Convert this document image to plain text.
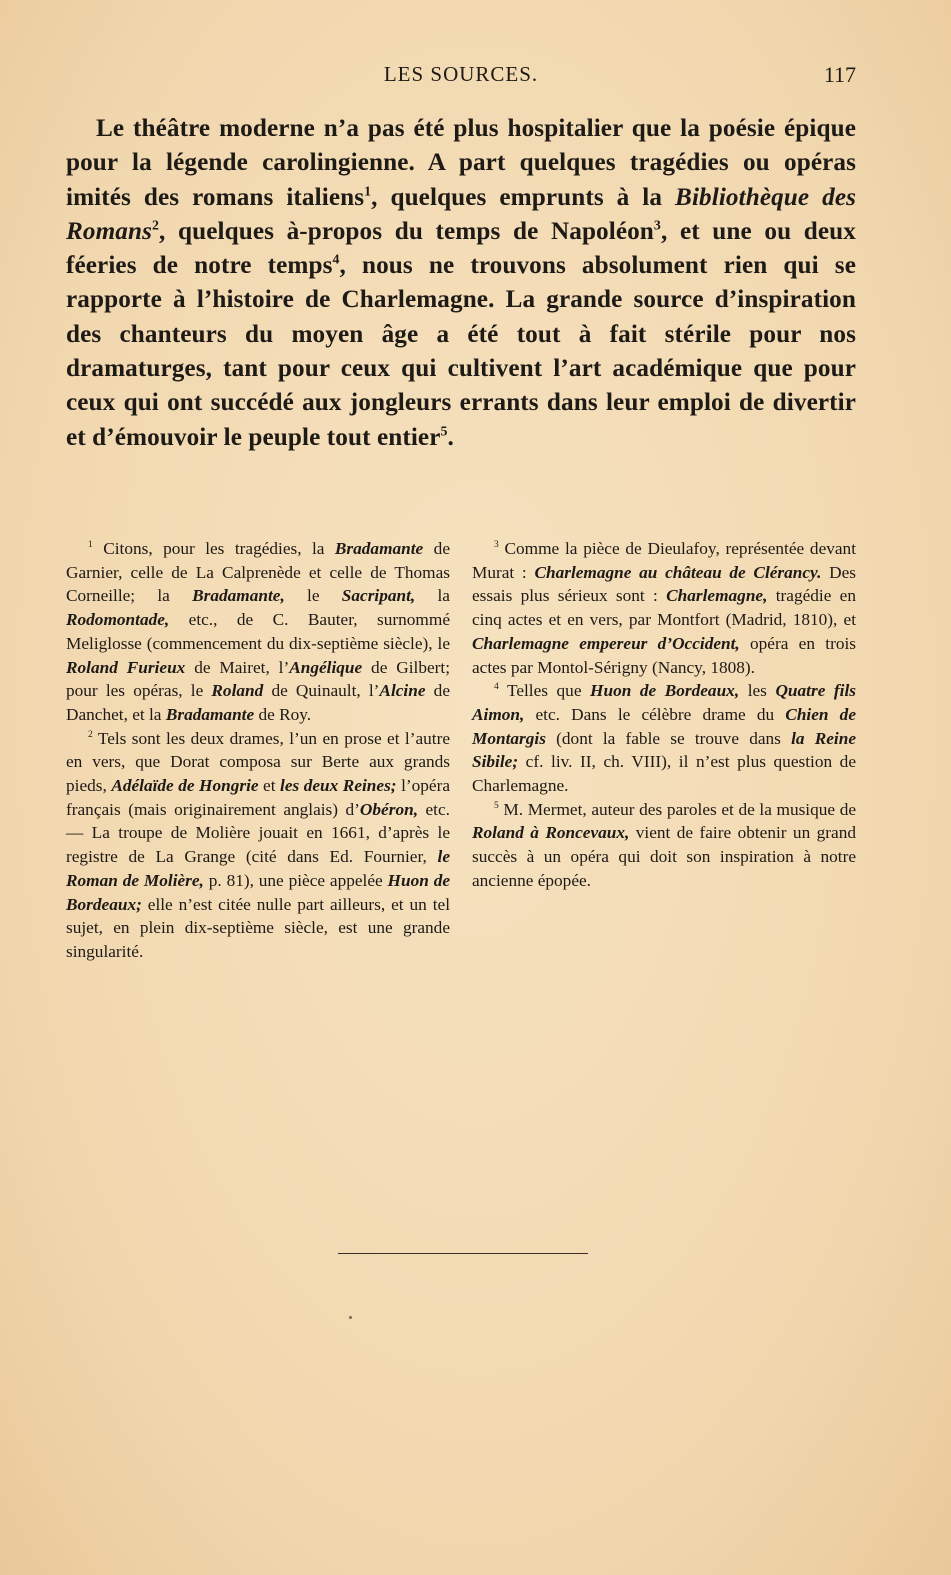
LES SOURCES.	117

Le théâtre moderne n’a pas été plus hospitalier que la poésie épique pour la légende carolingienne. A part quelques tragédies ou opéras imités des romans italiens$^1$, quelques emprunts à la Bibliothèque des Romans$^2$, quelques à-propos du temps de Napoléon$^3$, et une ou deux féeries de notre temps$^4$, nous ne trouvons absolument rien qui se rapporte à l’histoire de Charlemagne. La grande source d’inspiration des chanteurs du moyen âge a été tout à fait stérile pour nos dramaturges, tant pour ceux qui cultivent l’art académique que pour ceux qui ont succédé aux jongleurs errants dans leur emploi de divertir et d’émouvoir le peuple tout entier$^5$.

$^1$ Citons, pour les tragédies, la Bradamante de Garnier, celle de La Calprenède et celle de Thomas Corneille; la Bradamante, le Sacripant, la Rodomontade, etc., de C. Bauter, surnommé Meliglosse (commencement du dix-septième siècle), le Roland Furieux de Mairet, l’Angélique de Gilbert; pour les opéras, le Roland de Quinault, l’Alcine de Danchet, et la Bradamante de Roy.

$^2$ Tels sont les deux drames, l’un en prose et l’autre en vers, que Dorat composa sur Berte aux grands pieds, Adélaïde de Hongrie et les deux Reines; l’opéra français (mais originairement anglais) d’Obéron, etc. — La troupe de Molière jouait en 1661, d’après le registre de La Grange (cité dans Ed. Fournier, le Roman de Molière, p. 81), une pièce appelée Huon de Bordeaux; elle n’est citée nulle part ailleurs, et un tel sujet, en plein dix-septième siècle, est une grande singularité.

$^3$ Comme la pièce de Dieulafoy, représentée devant Murat : Charlemagne au château de Clérancy. Des essais plus sérieux sont : Charlemagne, tragédie en cinq actes et en vers, par Montfort (Madrid, 1810), et Charlemagne empereur d’Occident, opéra en trois actes par Montol-Sérigny (Nancy, 1808).

$^4$ Telles que Huon de Bordeaux, les Quatre fils Aimon, etc. Dans le célèbre drame du Chien de Montargis (dont la fable se trouve dans la Reine Sibile; cf. liv. II, ch. VIII), il n’est plus question de Charlemagne.

$^5$ M. Mermet, auteur des paroles et de la musique de Roland à Roncevaux, vient de faire obtenir un grand succès à un opéra qui doit son inspiration à notre ancienne épopée.
